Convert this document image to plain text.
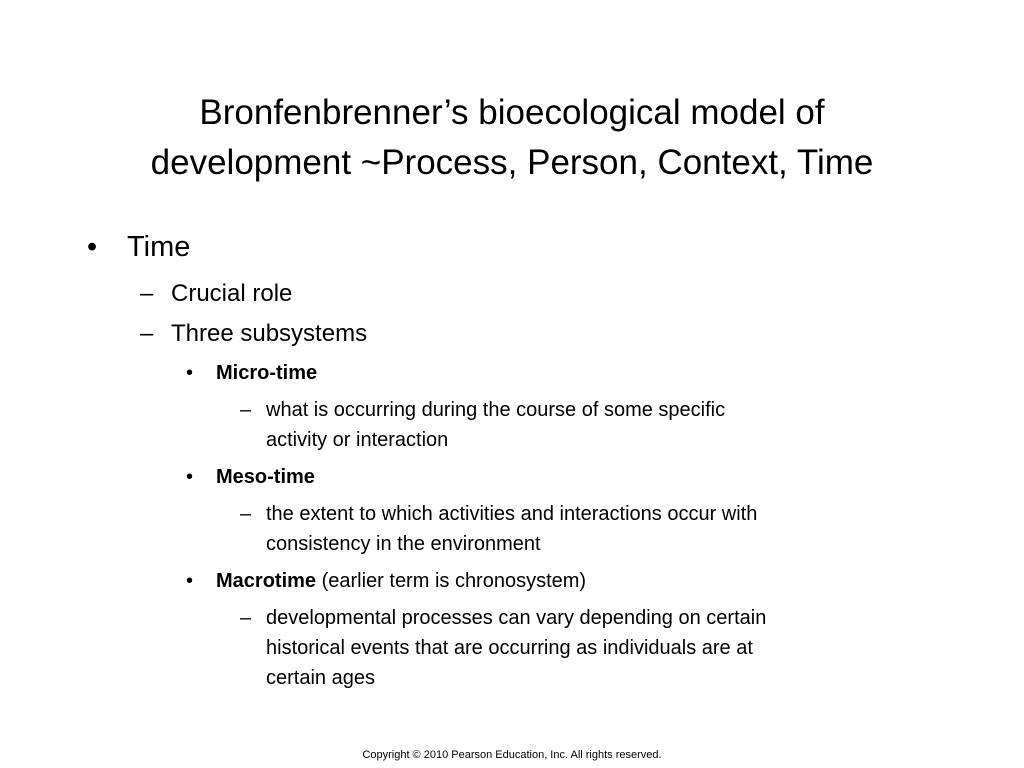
Bronfenbrenner’s bioecological model of
development ~Process, Person, Context, Time
• Time
– Crucial role
– Three subsystems
• Micro-time
– what is occurring during the course of some specific
activity or interaction
• Meso-time
– the extent to which activities and interactions occur with
consistency in the environment
• Macrotime (earlier term is chronosystem)
– developmental processes can vary depending on certain
historical events that are occurring as individuals are at
certain ages
Copyright © 2010 Pearson Education, Inc. All rights reserved.
